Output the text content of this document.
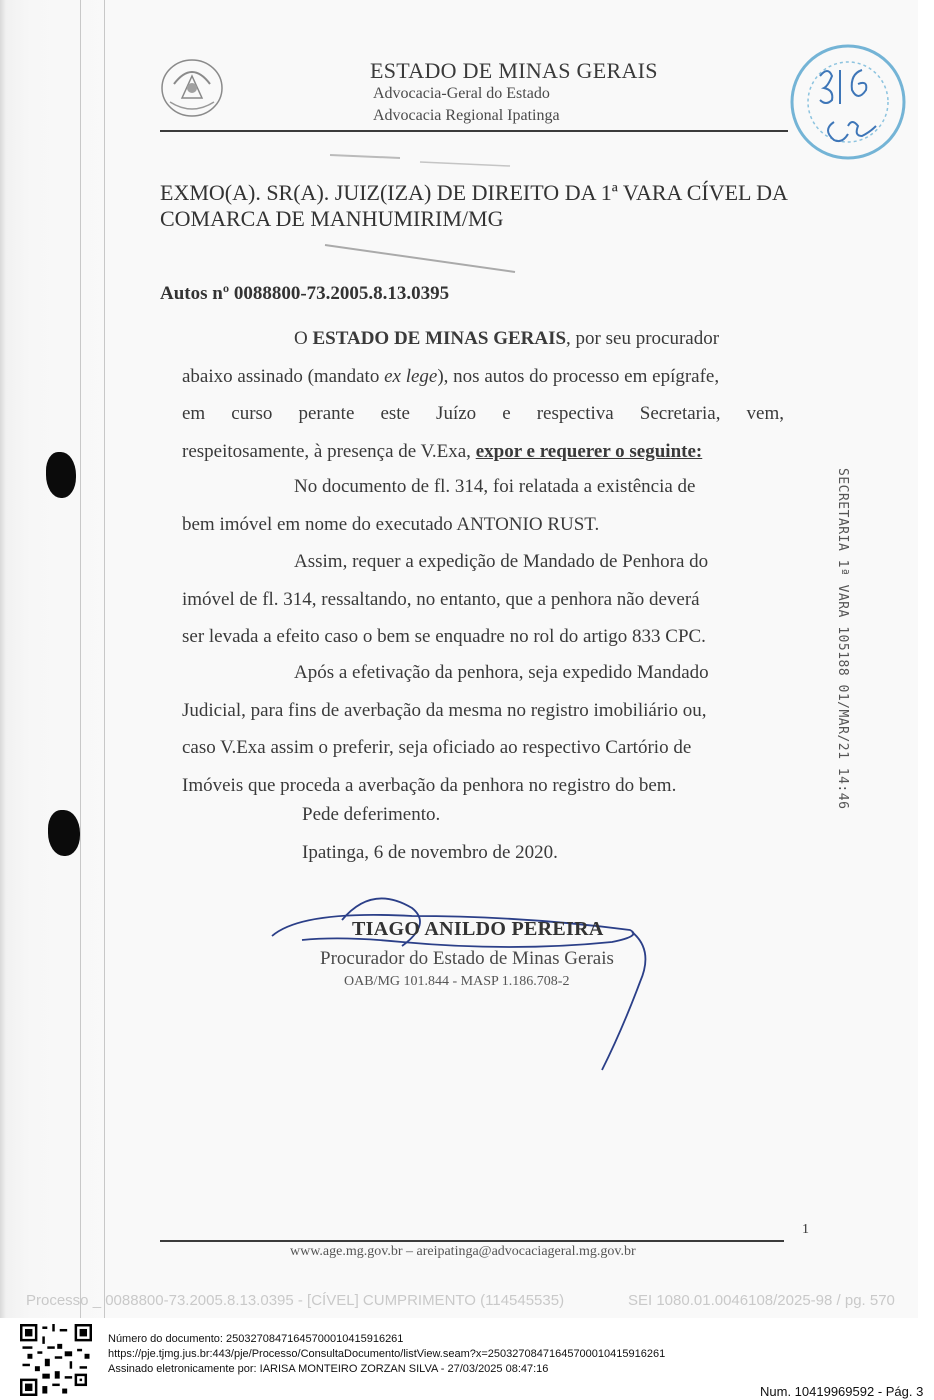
ESTADO DE MINAS GERAIS
Advocacia-Geral do Estado
Advocacia Regional Ipatinga
EXMO(A). SR(A). JUIZ(IZA) DE DIREITO DA 1ª VARA CÍVEL DA COMARCA DE MANHUMIRIM/MG
Autos nº 0088800-73.2005.8.13.0395
O ESTADO DE MINAS GERAIS, por seu procurador
abaixo assinado (mandato ex lege), nos autos do processo em epígrafe,
em curso perante este Juízo e respectiva Secretaria, vem,
respeitosamente, à presença de V.Exa, expor e requerer o seguinte:
No documento de fl. 314, foi relatada a existência de
bem imóvel em nome do executado ANTONIO RUST.
Assim, requer a expedição de Mandado de Penhora do
imóvel de fl. 314, ressaltando, no entanto, que a penhora não deverá
ser levada a efeito caso o bem se enquadre no rol do artigo 833 CPC.
Após a efetivação da penhora, seja expedido Mandado
Judicial, para fins de averbação da mesma no registro imobiliário ou,
caso V.Exa assim o preferir, seja oficiado ao respectivo Cartório de
Imóveis que proceda a averbação da penhora no registro do bem.
Pede deferimento.
Ipatinga, 6 de novembro de 2020.
TIAGO ANILDO PEREIRA
Procurador do Estado de Minas Gerais
OAB/MG 101.844 - MASP 1.186.708-2
SECRETARIA 1ª VARA 105188 01/MAR/21 14:46
1
www.age.mg.gov.br – areipatinga@advocaciageral.mg.gov.br
Processo _ 0088800-73.2005.8.13.0395 - [CÍVEL] CUMPRIMENTO (114545535)	SEI 1080.01.0046108/2025-98 / pg. 570
Número do documento: 25032708471645700010415916261
https://pje.tjmg.jus.br:443/pje/Processo/ConsultaDocumento/listView.seam?x=25032708471645700010415916261
Assinado eletronicamente por: IARISA MONTEIRO ZORZAN SILVA - 27/03/2025 08:47:16
Num. 10419969592 - Pág. 3
